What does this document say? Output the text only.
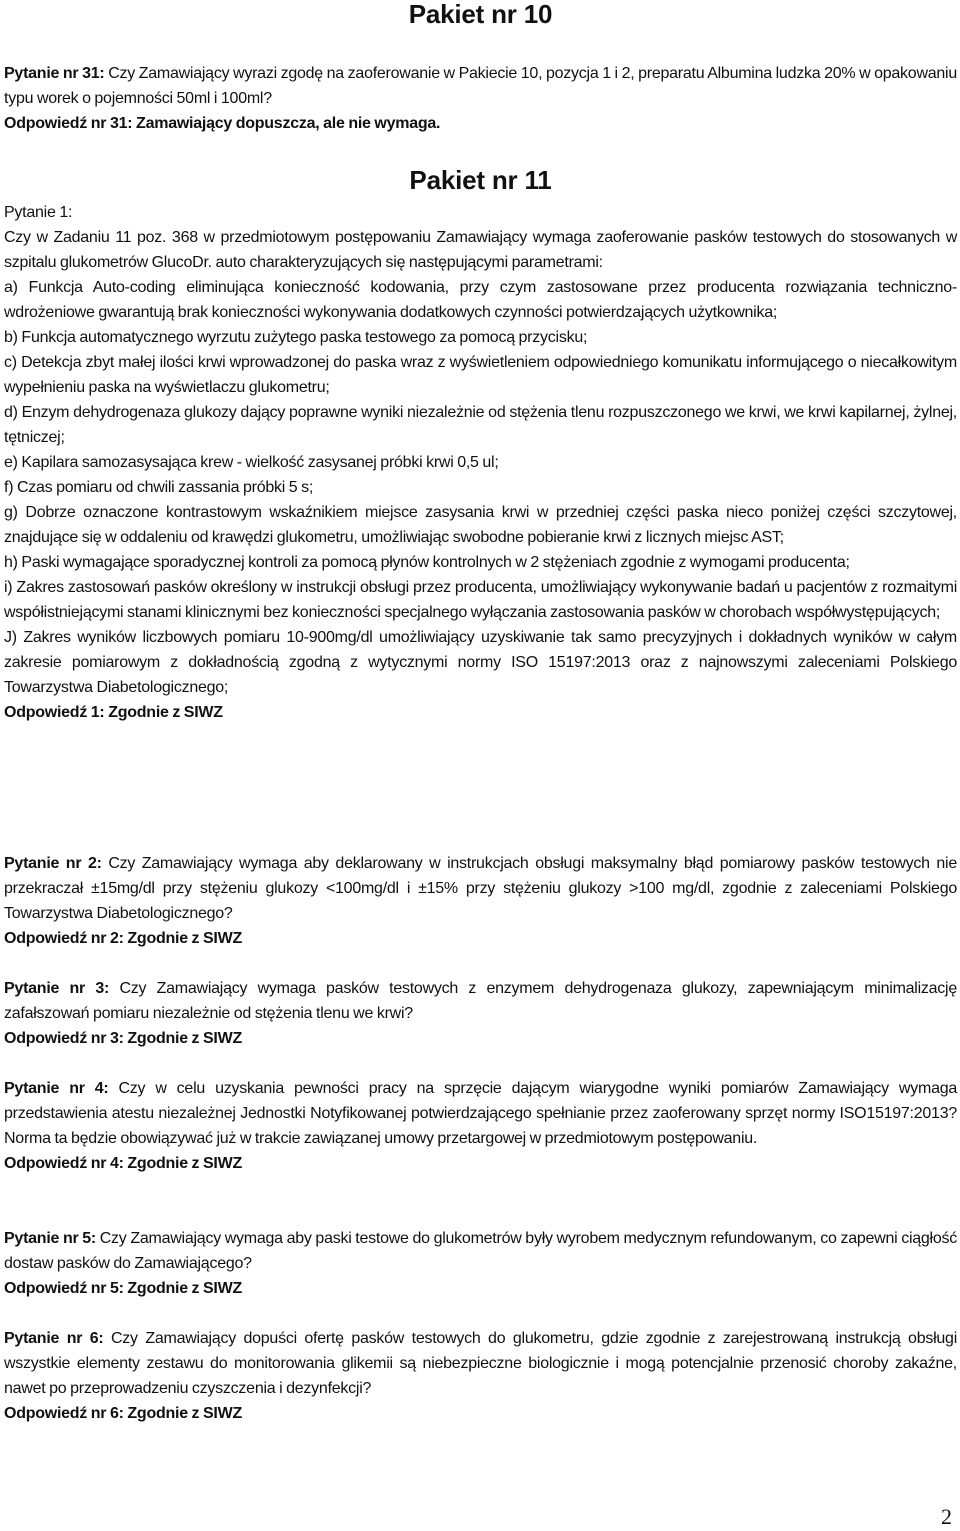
Pakiet nr 10

Pytanie nr 31: Czy Zamawiający wyrazi zgodę na zaoferowanie w Pakiecie 10, pozycja 1 i 2, preparatu Albumina ludzka 20% w opakowaniu typu worek o pojemności 50ml i 100ml?

Odpowiedź nr 31: Zamawiający dopuszcza, ale nie wymaga.

Pakiet nr 11

Pytanie 1:

Czy w Zadaniu 11 poz. 368 w przedmiotowym postępowaniu Zamawiający wymaga zaoferowanie pasków testowych do stosowanych w szpitalu glukometrów GlucoDr. auto charakteryzujących się następującymi parametrami:

a) Funkcja Auto-coding eliminująca konieczność kodowania, przy czym zastosowane przez producenta rozwiązania techniczno-wdrożeniowe gwarantują brak konieczności wykonywania dodatkowych czynności potwierdzających użytkownika;

b) Funkcja automatycznego wyrzutu zużytego paska testowego za pomocą przycisku;

c) Detekcja zbyt małej ilości krwi wprowadzonej do paska wraz z wyświetleniem odpowiedniego komunikatu informującego o niecałkowitym wypełnieniu paska na wyświetlaczu glukometru;

d) Enzym dehydrogenaza glukozy dający poprawne wyniki niezależnie od stężenia tlenu rozpuszczonego we krwi, we krwi kapilarnej, żylnej, tętniczej;

e) Kapilara samozasysająca krew - wielkość zasysanej próbki krwi 0,5 ul;

f) Czas pomiaru od chwili zassania próbki 5 s;

g) Dobrze oznaczone kontrastowym wskaźnikiem miejsce zasysania krwi w przedniej części paska nieco poniżej części szczytowej, znajdujące się w oddaleniu od krawędzi glukometru, umożliwiając swobodne pobieranie krwi z licznych miejsc AST;

h) Paski wymagające sporadycznej kontroli za pomocą płynów kontrolnych w 2 stężeniach zgodnie z wymogami producenta;

i) Zakres zastosowań pasków określony w instrukcji obsługi przez producenta, umożliwiający wykonywanie badań u pacjentów z rozmaitymi współistniejącymi stanami klinicznymi bez konieczności specjalnego wyłączania zastosowania pasków w chorobach współwystępujących;

J) Zakres wyników liczbowych pomiaru 10-900mg/dl umożliwiający uzyskiwanie tak samo precyzyjnych i dokładnych wyników w całym zakresie pomiarowym z dokładnością zgodną z wytycznymi normy ISO 15197:2013 oraz z najnowszymi zaleceniami Polskiego Towarzystwa Diabetologicznego;

Odpowiedź 1: Zgodnie z SIWZ

Pytanie nr 2: Czy Zamawiający wymaga aby deklarowany w instrukcjach obsługi maksymalny błąd pomiarowy pasków testowych nie przekraczał ±15mg/dl przy stężeniu glukozy <100mg/dl i ±15% przy stężeniu glukozy >100 mg/dl, zgodnie z zaleceniami Polskiego Towarzystwa Diabetologicznego?

Odpowiedź nr 2: Zgodnie z SIWZ

Pytanie nr 3: Czy Zamawiający wymaga pasków testowych z enzymem dehydrogenaza glukozy, zapewniającym minimalizację zafałszowań pomiaru niezależnie od stężenia tlenu we krwi?

Odpowiedź nr 3: Zgodnie z SIWZ

Pytanie nr 4: Czy w celu uzyskania pewności pracy na sprzęcie dającym wiarygodne wyniki pomiarów Zamawiający wymaga przedstawienia atestu niezależnej Jednostki Notyfikowanej potwierdzającego spełnianie przez zaoferowany sprzęt normy ISO15197:2013? Norma ta będzie obowiązywać już w trakcie zawiązanej umowy przetargowej w przedmiotowym postępowaniu.

Odpowiedź nr 4: Zgodnie z SIWZ

Pytanie nr 5: Czy Zamawiający wymaga aby paski testowe do glukometrów były wyrobem medycznym refundowanym, co zapewni ciągłość dostaw pasków do Zamawiającego?

Odpowiedź nr 5: Zgodnie z SIWZ

Pytanie nr 6: Czy Zamawiający dopuści ofertę pasków testowych do glukometru, gdzie zgodnie z zarejestrowaną instrukcją obsługi wszystkie elementy zestawu do monitorowania glikemii są niebezpieczne biologicznie i mogą potencjalnie przenosić choroby zakaźne, nawet po przeprowadzeniu czyszczenia i dezynfekcji?

Odpowiedź nr 6: Zgodnie z SIWZ

2
